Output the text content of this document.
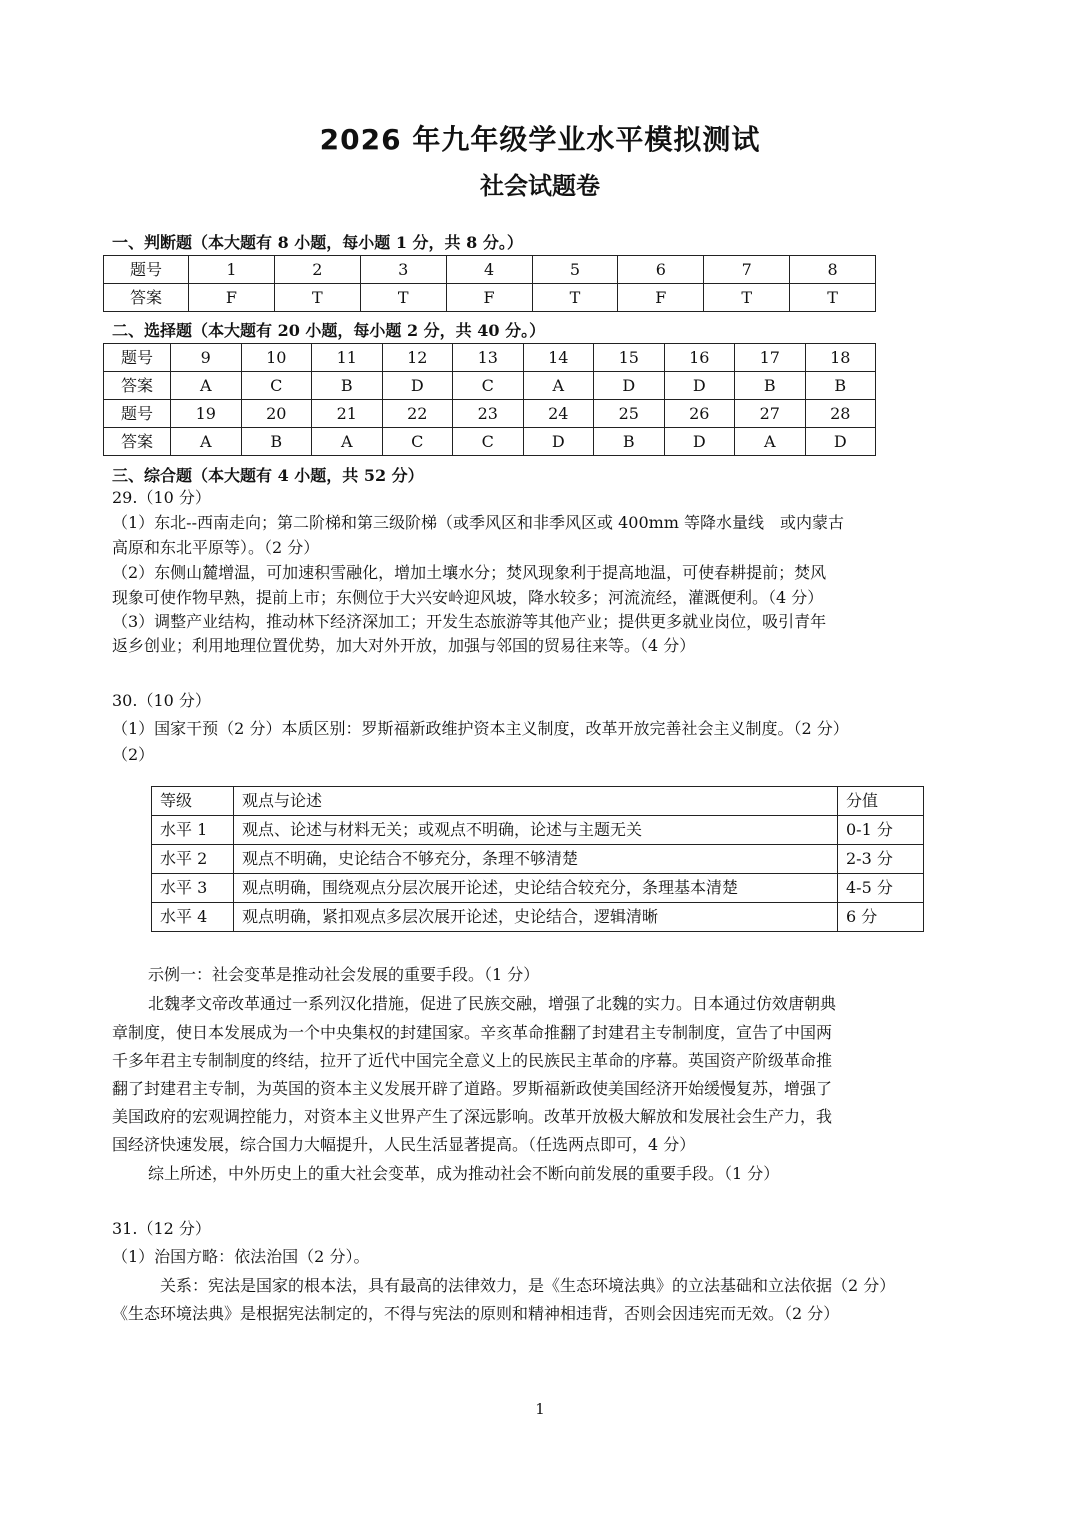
2026 年九年级学业水平模拟测试
社会试题卷
一、判断题（本大题有 8 小题，每小题 1 分，共 8 分。）
题号	1	2	3	4	5	6	7	8
答案	F	T	T	F	T	F	T	T
二、选择题（本大题有 20 小题，每小题 2 分，共 40 分。）
题号	9	10	11	12	13	14	15	16	17	18
答案	A	C	B	D	C	A	D	D	B	B
题号	19	20	21	22	23	24	25	26	27	28
答案	A	B	A	C	C	D	B	D	A	D
三、综合题（本大题有 4 小题，共 52 分）
29.（10 分）
（1）东北--西南走向；第二阶梯和第三级阶梯（或季风区和非季风区或 400mm 等降水量线　或内蒙古
高原和东北平原等）。（2 分）
（2）东侧山麓增温，可加速积雪融化，增加土壤水分；焚风现象利于提高地温，可使春耕提前；焚风
现象可使作物早熟，提前上市；东侧位于大兴安岭迎风坡，降水较多；河流流经，灌溉便利。（4 分）
（3）调整产业结构，推动林下经济深加工；开发生态旅游等其他产业；提供更多就业岗位，吸引青年
返乡创业；利用地理位置优势，加大对外开放，加强与邻国的贸易往来等。（4 分）
30.（10 分）
（1）国家干预（2 分）本质区别：罗斯福新政维护资本主义制度，改革开放完善社会主义制度。（2 分）
（2）
等级	观点与论述	分值
水平 1	观点、论述与材料无关；或观点不明确，论述与主题无关	0-1 分
水平 2	观点不明确，史论结合不够充分，条理不够清楚	2-3 分
水平 3	观点明确，围绕观点分层次展开论述，史论结合较充分，条理基本清楚	4-5 分
水平 4	观点明确，紧扣观点多层次展开论述，史论结合，逻辑清晰	6 分
示例一：社会变革是推动社会发展的重要手段。（1 分）
北魏孝文帝改革通过一系列汉化措施，促进了民族交融，增强了北魏的实力。日本通过仿效唐朝典
章制度，使日本发展成为一个中央集权的封建国家。辛亥革命推翻了封建君主专制制度，宣告了中国两
千多年君主专制制度的终结，拉开了近代中国完全意义上的民族民主革命的序幕。英国资产阶级革命推
翻了封建君主专制，为英国的资本主义发展开辟了道路。罗斯福新政使美国经济开始缓慢复苏，增强了
美国政府的宏观调控能力，对资本主义世界产生了深远影响。改革开放极大解放和发展社会生产力，我
国经济快速发展，综合国力大幅提升，人民生活显著提高。（任选两点即可，4 分）
综上所述，中外历史上的重大社会变革，成为推动社会不断向前发展的重要手段。（1 分）
31.（12 分）
（1）治国方略：依法治国（2 分）。
关系：宪法是国家的根本法，具有最高的法律效力，是《生态环境法典》的立法基础和立法依据（2 分）
《生态环境法典》是根据宪法制定的，不得与宪法的原则和精神相违背，否则会因违宪而无效。（2 分）
1
